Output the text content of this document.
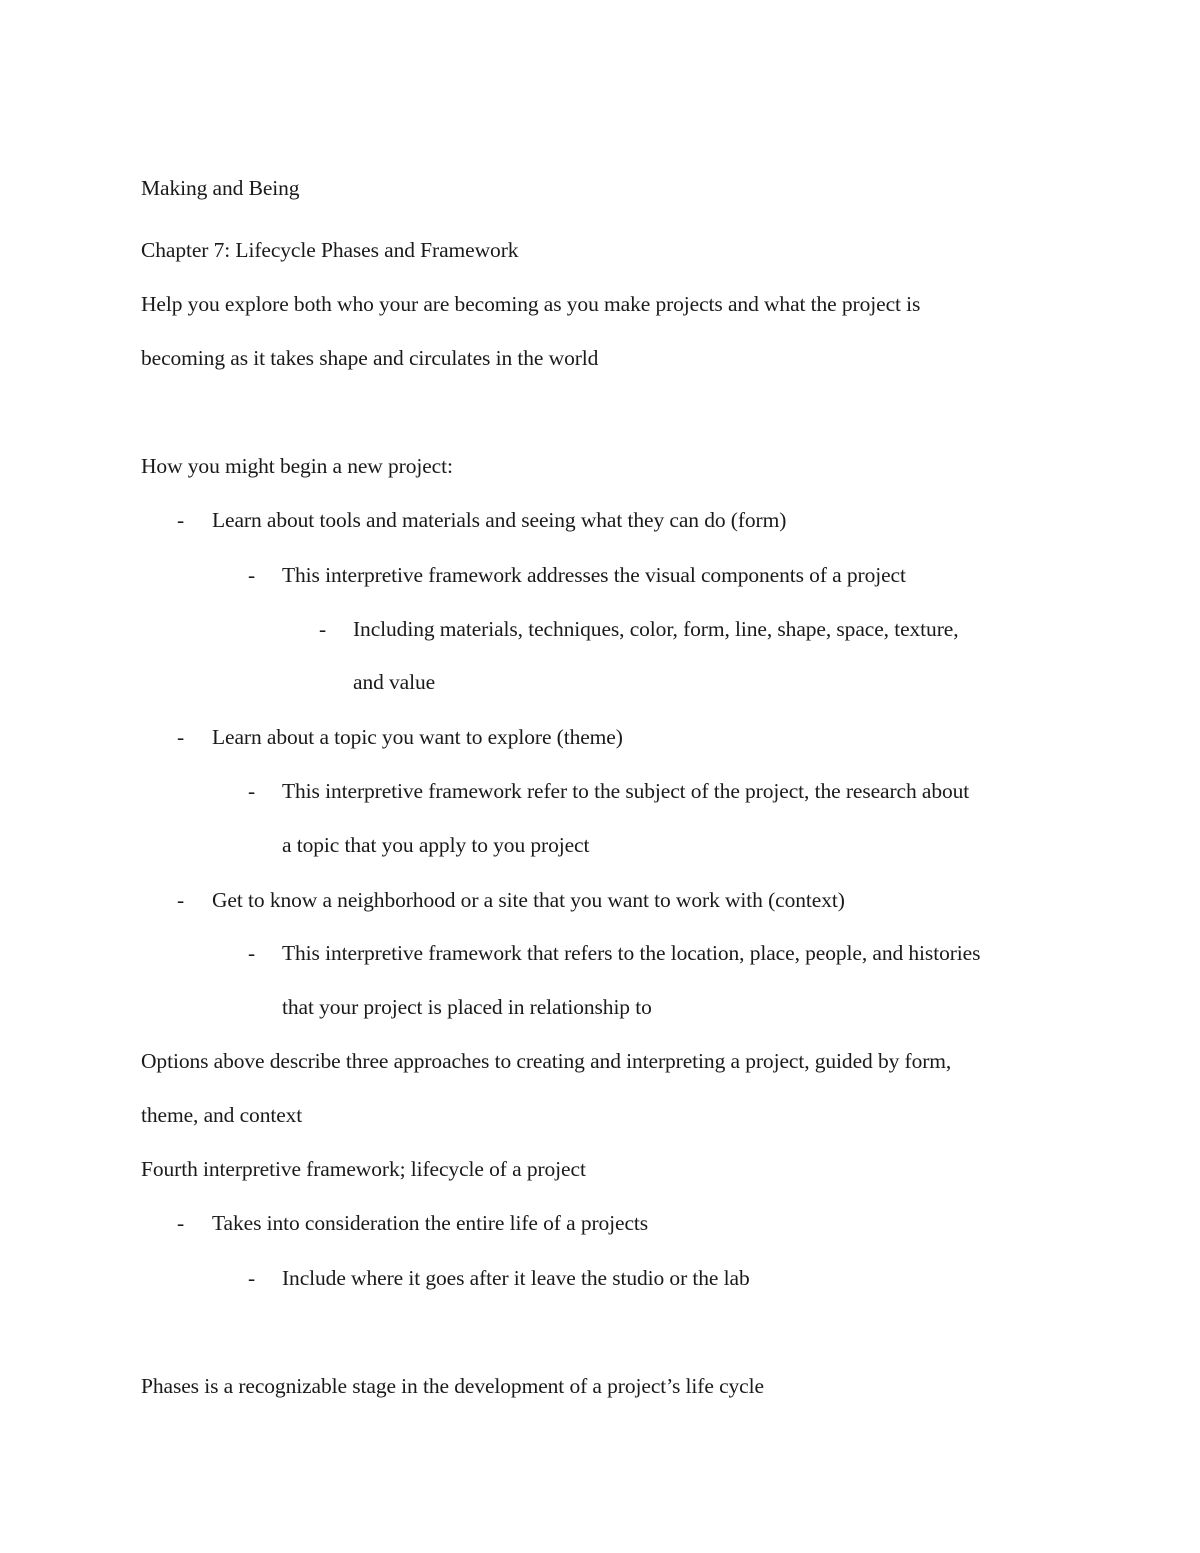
Making and Being
Chapter 7: Lifecycle Phases and Framework
Help you explore both who your are becoming as you make projects and what the project is
becoming as it takes shape and circulates in the world
How you might begin a new project:
- Learn about tools and materials and seeing what they can do (form)
- This interpretive framework addresses the visual components of a project
- Including materials, techniques, color, form, line, shape, space, texture,
and value
- Learn about a topic you want to explore (theme)
- This interpretive framework refer to the subject of the project, the research about
a topic that you apply to you project
- Get to know a neighborhood or a site that you want to work with (context)
- This interpretive framework that refers to the location, place, people, and histories
that your project is placed in relationship to
Options above describe three approaches to creating and interpreting a project, guided by form,
theme, and context
Fourth interpretive framework; lifecycle of a project
- Takes into consideration the entire life of a projects
- Include where it goes after it leave the studio or the lab
Phases is a recognizable stage in the development of a project’s life cycle
